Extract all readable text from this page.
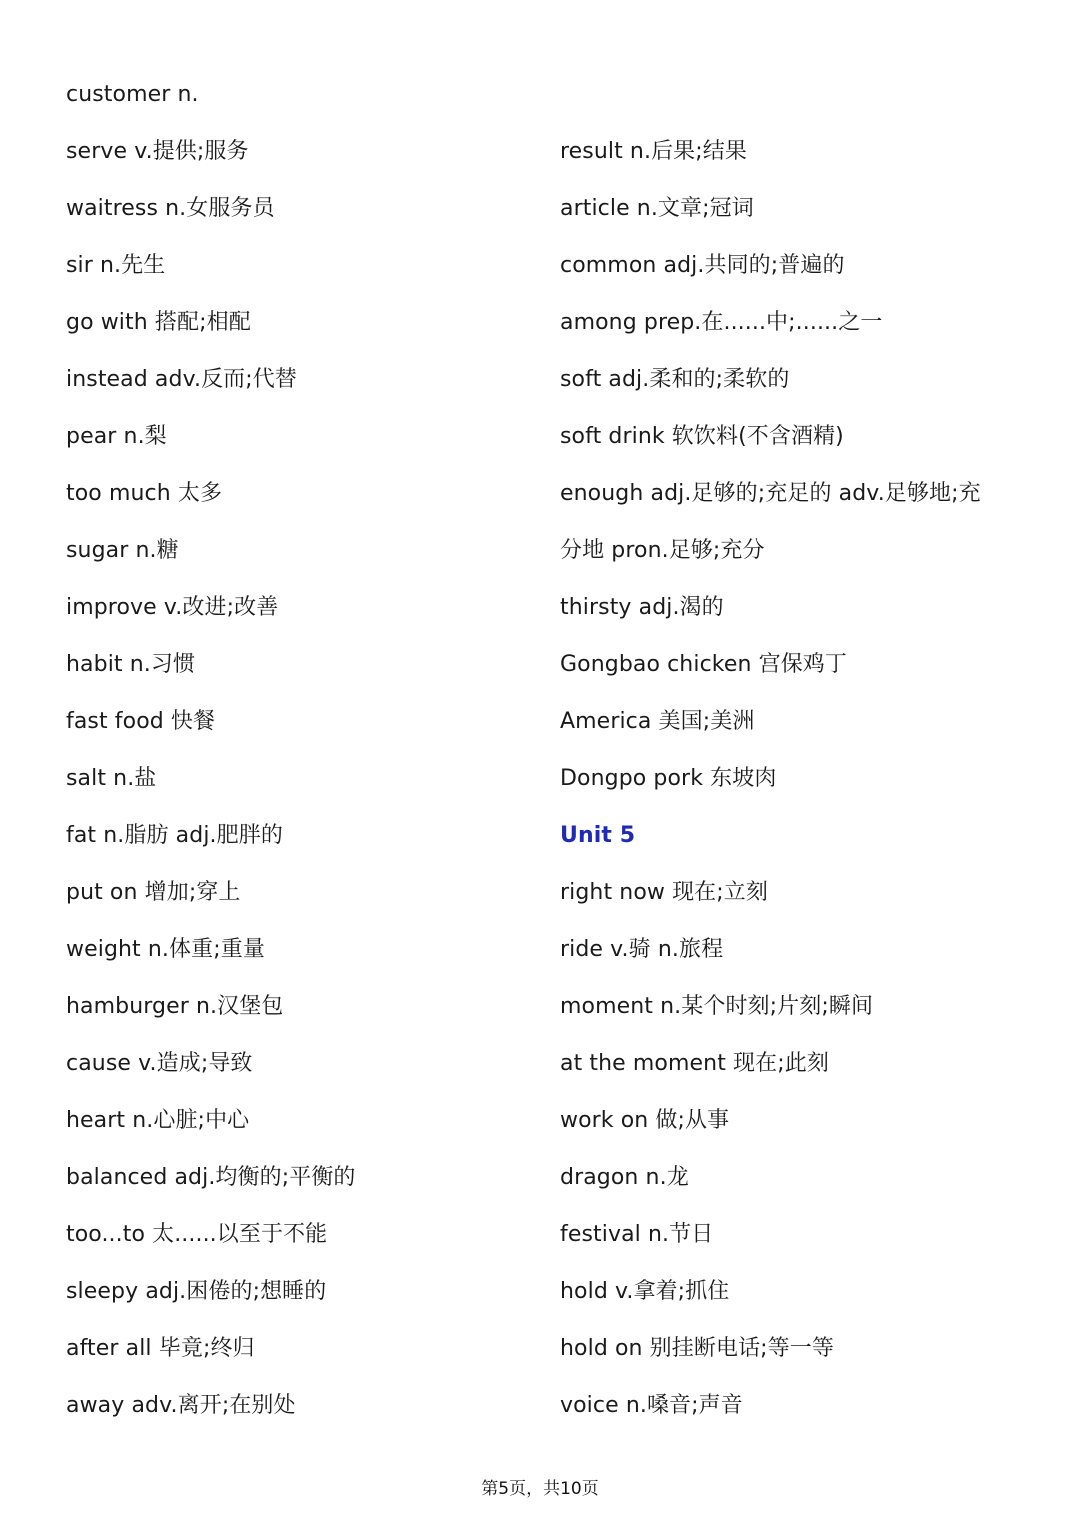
customer n.
serve v.提供;服务
waitress n.女服务员
sir n.先生
go with 搭配;相配
instead adv.反而;代替
pear n.梨
too much 太多
sugar n.糖
improve v.改进;改善
habit n.习惯
fast food 快餐
salt n.盐
fat n.脂肪 adj.肥胖的
put on 增加;穿上
weight n.体重;重量
hamburger n.汉堡包
cause v.造成;导致
heart n.心脏;中心
balanced adj.均衡的;平衡的
too...to 太......以至于不能
sleepy adj.困倦的;想睡的
after all 毕竟;终归
away adv.离开;在别处
result n.后果;结果
article n.文章;冠词
common adj.共同的;普遍的
among prep.在......中;......之一
soft adj.柔和的;柔软的
soft drink 软饮料(不含酒精)
enough adj.足够的;充足的 adv.足够地;充
分地 pron.足够;充分
thirsty adj.渴的
Gongbao chicken 宫保鸡丁
America 美国;美洲
Dongpo pork 东坡肉
Unit 5
right now 现在;立刻
ride v.骑 n.旅程
moment n.某个时刻;片刻;瞬间
at the moment 现在;此刻
work on 做;从事
dragon n.龙
festival n.节日
hold v.拿着;抓住
hold on 别挂断电话;等一等
voice n.嗓音;声音
第5页，共10页
